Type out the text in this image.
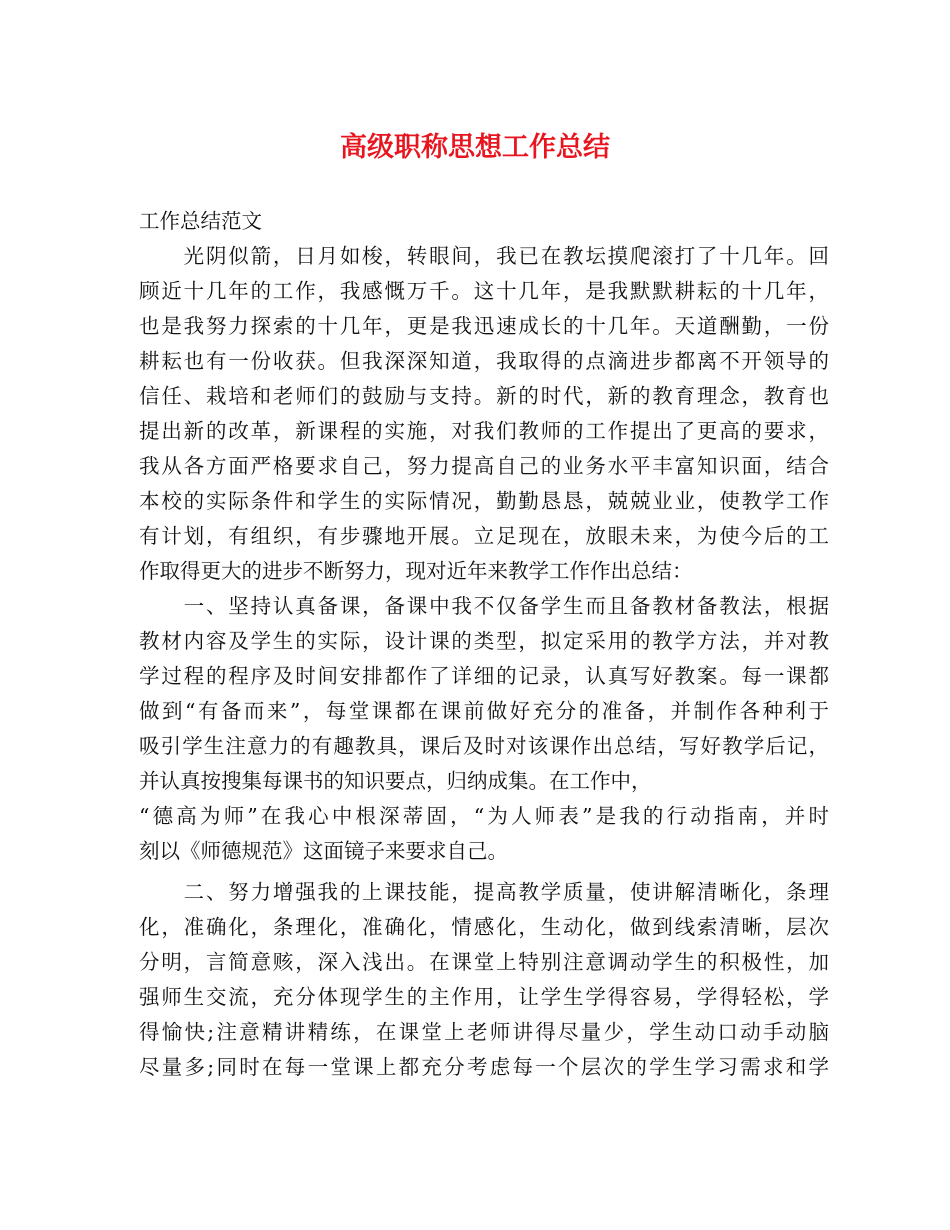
高级职称思想工作总结
工作总结范文
　　光阴似箭，日月如梭，转眼间，我已在教坛摸爬滚打了十几年。回
顾近十几年的工作，我感慨万千。这十几年，是我默默耕耘的十几年，
也是我努力探索的十几年，更是我迅速成长的十几年。天道酬勤，一份
耕耘也有一份收获。但我深深知道，我取得的点滴进步都离不开领导的
信任、栽培和老师们的鼓励与支持。新的时代，新的教育理念，教育也
提出新的改革，新课程的实施，对我们教师的工作提出了更高的要求，
我从各方面严格要求自己，努力提高自己的业务水平丰富知识面，结合
本校的实际条件和学生的实际情况，勤勤恳恳，兢兢业业，使教学工作
有计划，有组织，有步骤地开展。立足现在，放眼未来，为使今后的工
作取得更大的进步不断努力，现对近年来教学工作作出总结：
　　一、坚持认真备课，备课中我不仅备学生而且备教材备教法，根据
教材内容及学生的实际，设计课的类型，拟定采用的教学方法，并对教
学过程的程序及时间安排都作了详细的记录，认真写好教案。每一课都
做到“有备而来”，每堂课都在课前做好充分的准备，并制作各种利于
吸引学生注意力的有趣教具，课后及时对该课作出总结，写好教学后记，
并认真按搜集每课书的知识要点，归纳成集。在工作中，
“德高为师”在我心中根深蒂固，“为人师表”是我的行动指南，并时
刻以《师德规范》这面镜子来要求自己。
　　二、努力增强我的上课技能，提高教学质量，使讲解清晰化，条理
化，准确化，条理化，准确化，情感化，生动化，做到线索清晰，层次
分明，言简意赅，深入浅出。在课堂上特别注意调动学生的积极性，加
强师生交流，充分体现学生的主作用，让学生学得容易，学得轻松，学
得愉快;注意精讲精练，在课堂上老师讲得尽量少，学生动口动手动脑
尽量多;同时在每一堂课上都充分考虑每一个层次的学生学习需求和学
